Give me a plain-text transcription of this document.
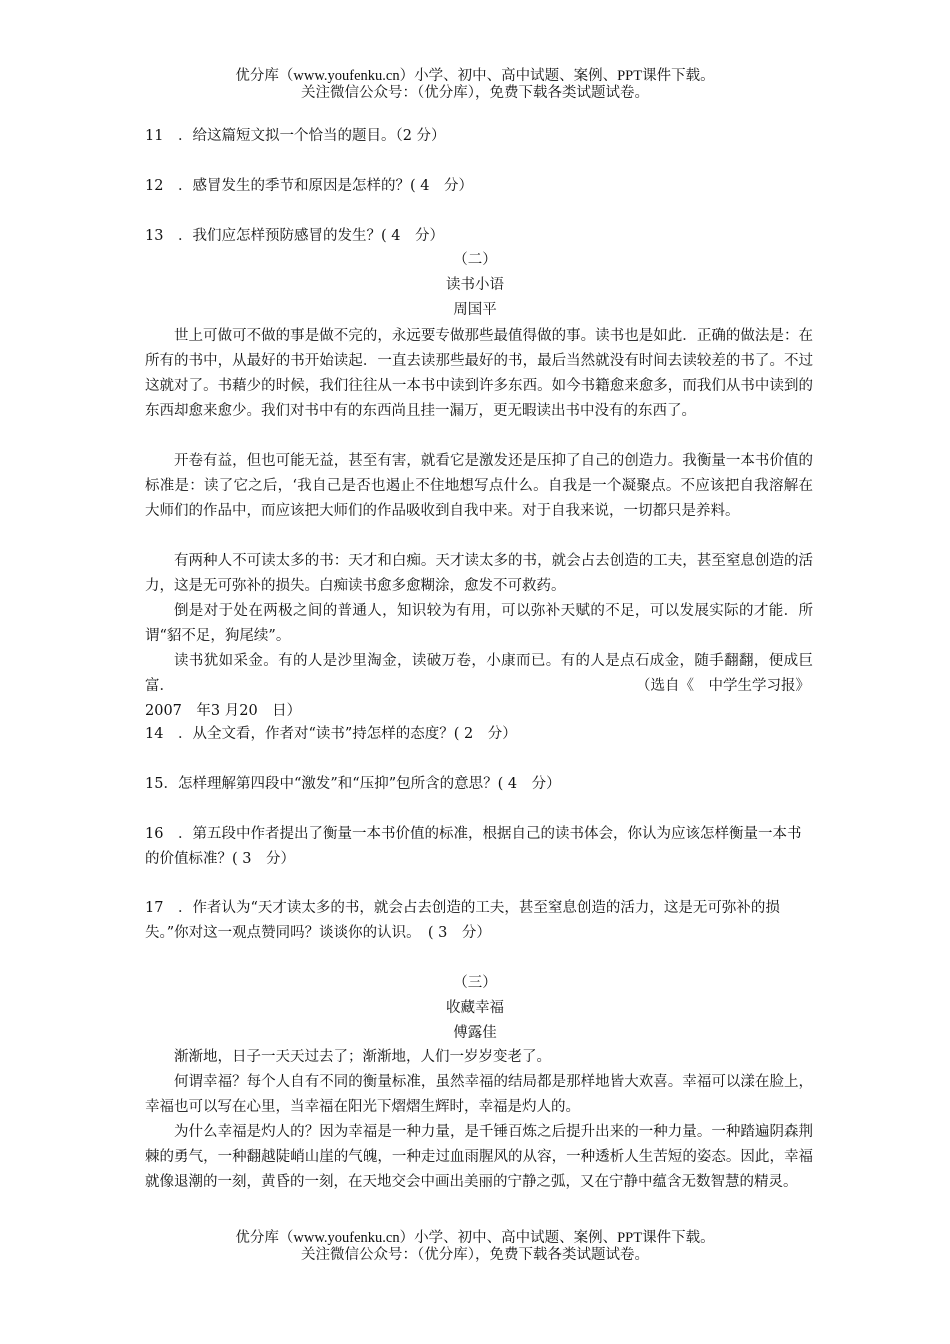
优分库（www.youfenku.cn）小学、初中、高中试题、案例、PPT课件下载。
关注微信公众号：（优分库），免费下载各类试题试卷。
11　．给这篇短文拟一个恰当的题目。（2 分）
12　．感冒发生的季节和原因是怎样的？( 4　分）
13　．我们应怎样预防感冒的发生？( 4　分）
（二）
读书小语
周国平
世上可做可不做的事是做不完的，永远要专做那些最值得做的事。读书也是如此．正确的做法是：在所有的书中，从最好的书开始读起．一直去读那些最好的书，最后当然就没有时间去读较差的书了。不过这就对了。书藉少的时候，我们往往从一本书中读到许多东西。如今书籍愈来愈多，而我们从书中读到的东西却愈来愈少。我们对书中有的东西尚且挂一漏万，更无暇读出书中没有的东西了。
开卷有益，但也可能无益，甚至有害，就看它是激发还是压抑了自己的创造力。我衡量一本书价值的标准是：读了它之后，‘我自己是否也遏止不住地想写点什么。自我是一个凝聚点。不应该把自我溶解在大师们的作品中，而应该把大师们的作品吸收到自我中来。对于自我来说，一切都只是养料。
有两种人不可读太多的书：天才和白痴。天才读太多的书，就会占去创造的工夫，甚至窒息创造的活力，这是无可弥补的损失。白痴读书愈多愈糊涂，愈发不可救药。
倒是对于处在两极之间的普通人，知识较为有用，可以弥补天赋的不足，可以发展实际的才能．所谓“貂不足，狗尾续”。
读书犹如采金。有的人是沙里淘金，读破万卷，小康而已。有的人是点石成金，随手翻翻，便成巨富．	（选自《　中学生学习报》
2007　年3 月20　日）
14　．从全文看，作者对“读书”持怎样的态度？( 2　分）
15．怎样理解第四段中“激发”和“压抑”包所含的意思？( 4　分）
16　．第五段中作者提出了衡量一本书价值的标准，根据自己的读书体会，你认为应该怎样衡量一本书的价值标准？( 3　分）
17　．作者认为“天才读太多的书，就会占去创造的工夫，甚至窒息创造的活力，这是无可弥补的损失。”你对这一观点赞同吗？谈谈你的认识。　( 3　分）
（三）
收藏幸福
傅露佳
渐渐地，日子一天天过去了；渐渐地，人们一岁岁变老了。
何谓幸福？每个人自有不同的衡量标准，虽然幸福的结局都是那样地皆大欢喜。幸福可以漾在脸上，幸福也可以写在心里，当幸福在阳光下熠熠生辉时，幸福是灼人的。
为什么幸福是灼人的？因为幸福是一种力量，是千锤百炼之后提升出来的一种力量。一种踏遍阴森荆棘的勇气，一种翻越陡峭山崖的气魄，一种走过血雨腥风的从容，一种透析人生苦短的姿态。因此，幸福就像退潮的一刻，黄昏的一刻，在天地交会中画出美丽的宁静之弧，又在宁静中蕴含无数智慧的精灵。
优分库（www.youfenku.cn）小学、初中、高中试题、案例、PPT课件下载。
关注微信公众号：（优分库），免费下载各类试题试卷。
